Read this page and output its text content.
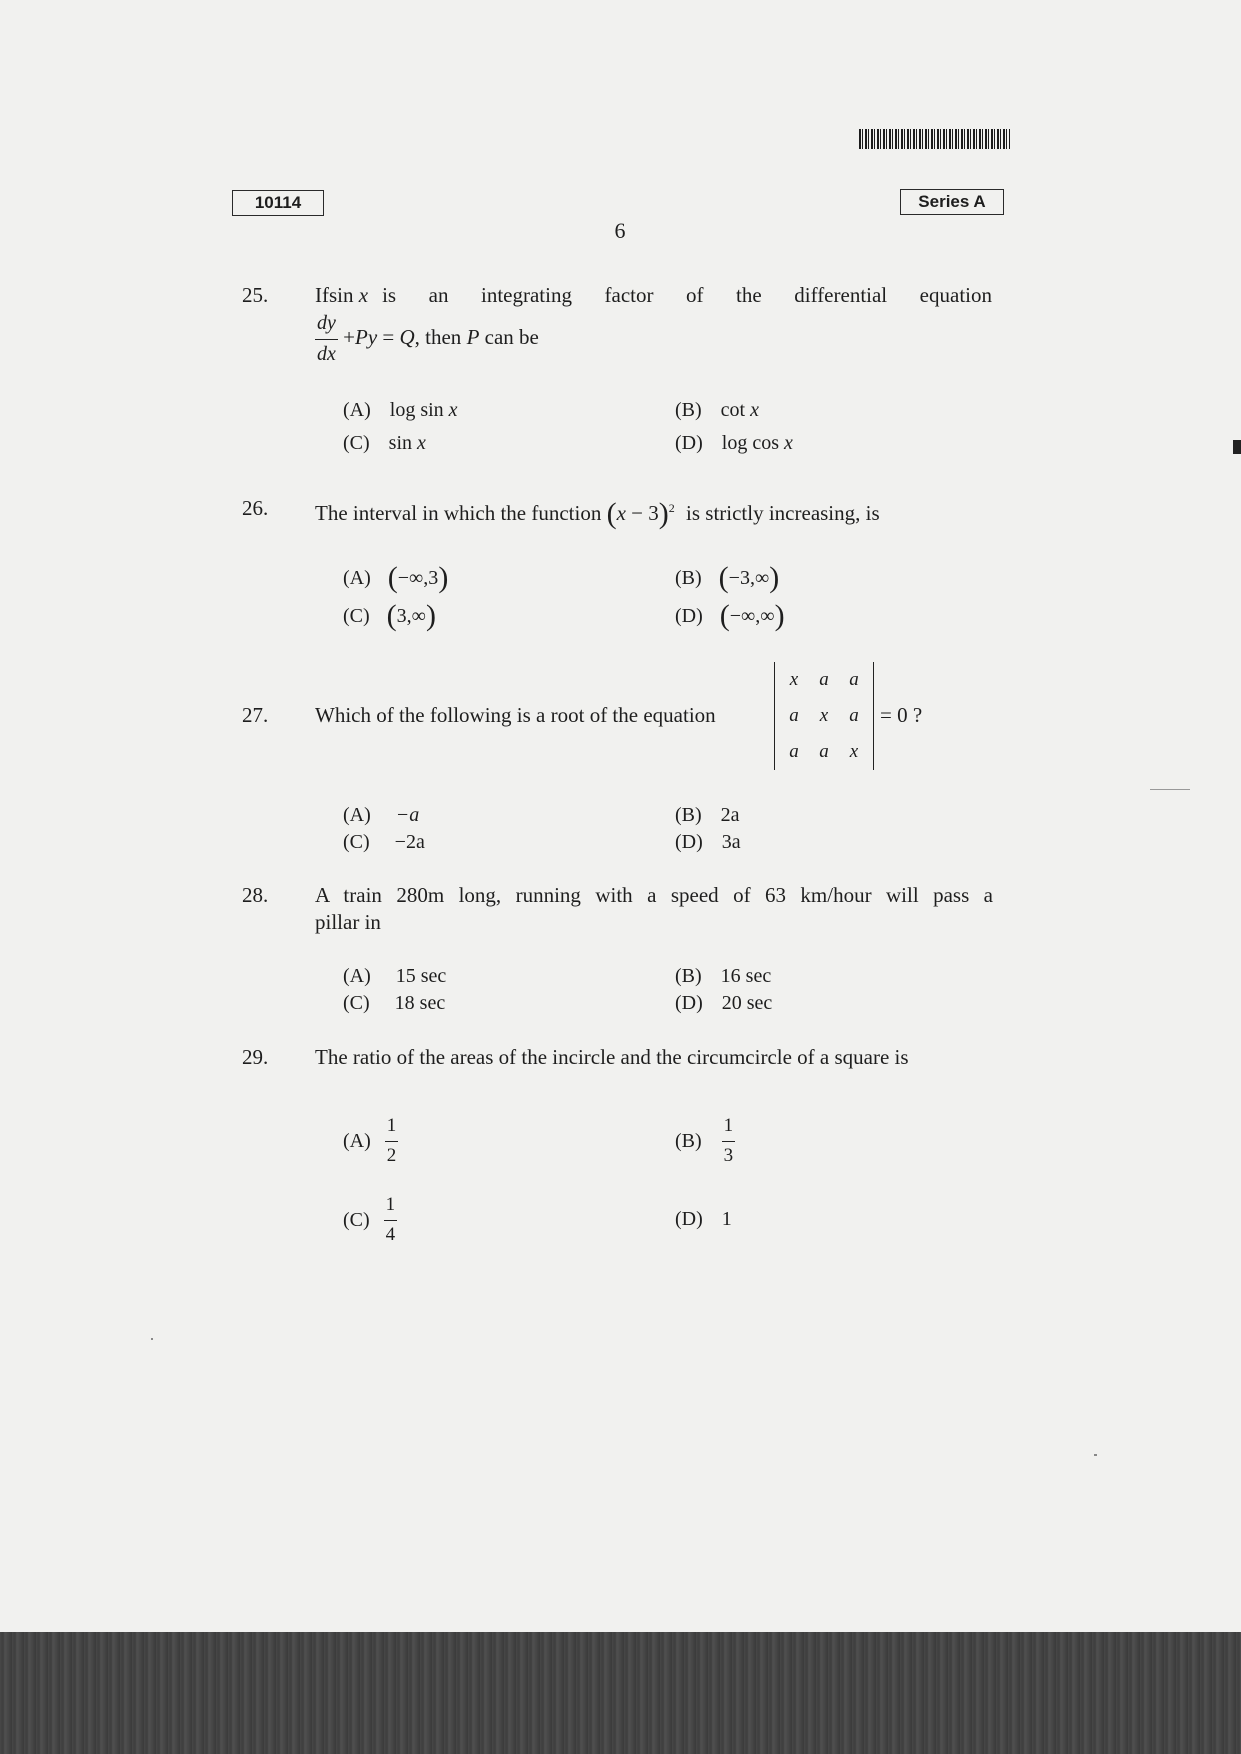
10114	Series A
6
25. If sin x is an integrating factor of the differential equation
$\frac{dy}{dx} +Py = Q$, then P can be
(A) log sin x	(B) cot x
(C) sin x	(D) log cos x
26. The interval in which the function $(x - 3)^2$ is strictly increasing, is
(A) (−∞,3)	(B) (−3,∞)
(C) (3,∞)	(D) (−∞,∞)
27. Which of the following is a root of the equation
x a a
a x a
a a x
= 0 ?
(A) −a	(B) 2a
(C) −2a	(D) 3a
28. A train 280m long, running with a speed of 63 km/hour will pass a
pillar in
(A) 15 sec	(B) 16 sec
(C) 18 sec	(D) 20 sec
29. The ratio of the areas of the incircle and the circumcircle of a square is
$(A) \frac{1}{2}$	$(B) \frac{1}{3}$
$(C) \frac{1}{4}$	(D) 1
